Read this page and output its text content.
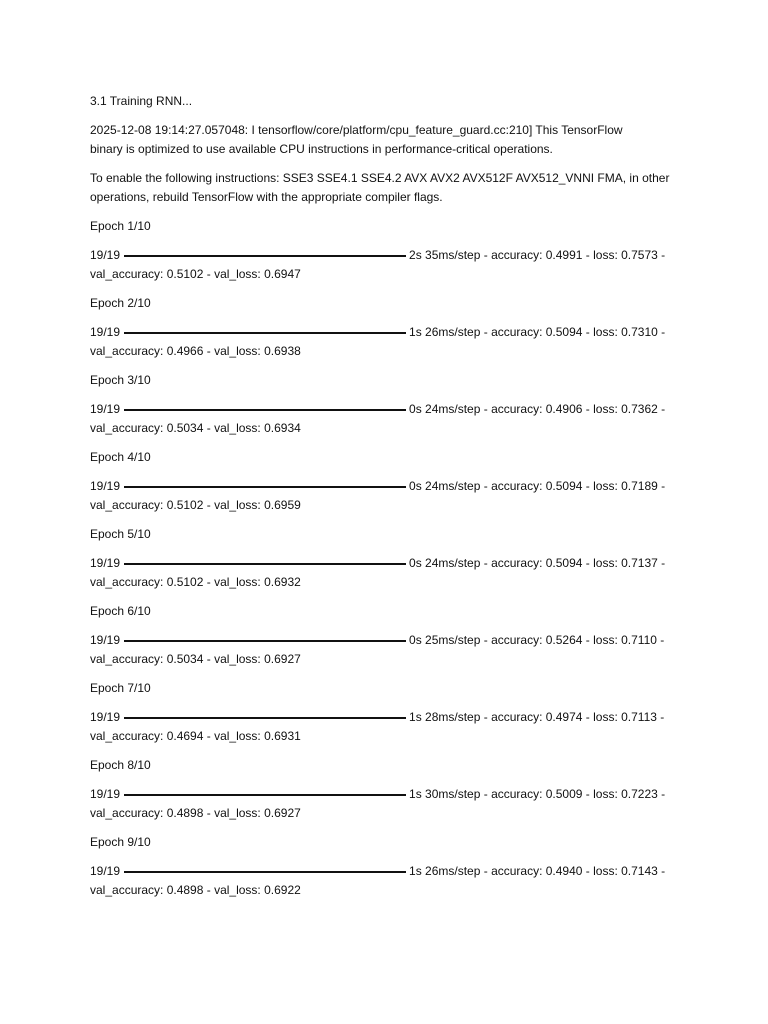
3.1 Training RNN...

2025-12-08 19:14:27.057048: I tensorflow/core/platform/cpu_feature_guard.cc:210] This TensorFlow
binary is optimized to use available CPU instructions in performance-critical operations.

To enable the following instructions: SSE3 SSE4.1 SSE4.2 AVX AVX2 AVX512F AVX512_VNNI FMA, in other
operations, rebuild TensorFlow with the appropriate compiler flags.

Epoch 1/10

19/19	2s 35ms/step - accuracy: 0.4991 - loss: 0.7573 -
val_accuracy: 0.5102 - val_loss: 0.6947

Epoch 2/10

19/19	1s 26ms/step - accuracy: 0.5094 - loss: 0.7310 -
val_accuracy: 0.4966 - val_loss: 0.6938

Epoch 3/10

19/19	0s 24ms/step - accuracy: 0.4906 - loss: 0.7362 -
val_accuracy: 0.5034 - val_loss: 0.6934

Epoch 4/10

19/19	0s 24ms/step - accuracy: 0.5094 - loss: 0.7189 -
val_accuracy: 0.5102 - val_loss: 0.6959

Epoch 5/10

19/19	0s 24ms/step - accuracy: 0.5094 - loss: 0.7137 -
val_accuracy: 0.5102 - val_loss: 0.6932

Epoch 6/10

19/19	0s 25ms/step - accuracy: 0.5264 - loss: 0.7110 -
val_accuracy: 0.5034 - val_loss: 0.6927

Epoch 7/10

19/19	1s 28ms/step - accuracy: 0.4974 - loss: 0.7113 -
val_accuracy: 0.4694 - val_loss: 0.6931

Epoch 8/10

19/19	1s 30ms/step - accuracy: 0.5009 - loss: 0.7223 -
val_accuracy: 0.4898 - val_loss: 0.6927

Epoch 9/10

19/19	1s 26ms/step - accuracy: 0.4940 - loss: 0.7143 -
val_accuracy: 0.4898 - val_loss: 0.6922
